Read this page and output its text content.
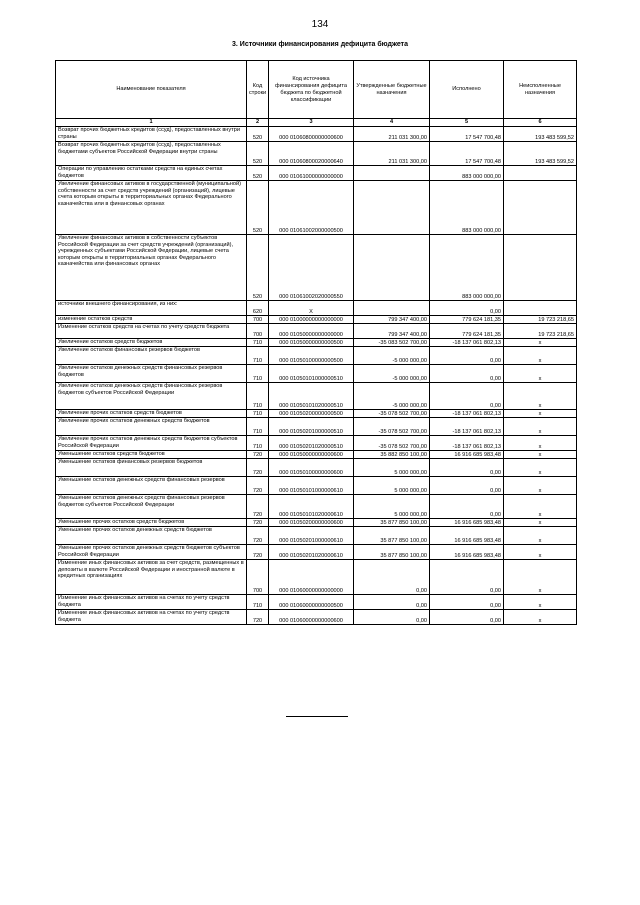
134
3. Источники финансирования дефицита бюджета
Наименование показателя	Код строки	Код источника финансирования дефицита бюджета по бюджетной классификации	Утвержденные бюджетные назначения	Исполнено	Неисполненные назначения
1	2	3	4	5	6
Возврат прочих бюджетных кредитов (ссуд), предоставленных внутри страны	520	000 01060800000000600	211 031 300,00	17 547 700,48	193 483 599,52
Возврат прочих бюджетных кредитов (ссуд), предоставленных бюджетами субъектов Российской Федерации внутри страны	520	000 01060800020000640	211 031 300,00	17 547 700,48	193 483 599,52
Операции по управлению остатками средств на единых счетах бюджетов	520	000 01061000000000000		883 000 000,00	
Увеличение финансовых активов в государственной (муниципальной) собственности за счет средств учреждений (организаций), лицевые счета которым открыты в территориальных органах Федерального казначейства или в финансовых органах	520	000 01061002000000500		883 000 000,00	
Увеличение финансовых активов в собственности субъектов Российской Федерации за счет средств учреждений (организаций), учрежденных субъектами Российской Федерации, лицевые счета которым открыты в территориальных органах Федерального казначейства или финансовых органах	520	000 01061002020000550		883 000 000,00	
источники внешнего финансирования, из них:	620	X		0,00	
изменение остатков средств	700	000 01000000000000000	799 347 400,00	779 624 181,35	19 723 218,65
Изменение остатков средств на счетах по учету средств бюджета	700	000 01050000000000000	799 347 400,00	779 624 181,35	19 723 218,65
Увеличение остатков средств бюджетов	710	000 01050000000000500	-35 083 502 700,00	-18 137 061 802,13	x
Увеличение остатков финансовых резервов бюджетов	710	000 01050100000000500	-5 000 000,00	0,00	x
Увеличение остатков денежных средств финансовых резервов бюджетов	710	000 01050101000000510	-5 000 000,00	0,00	x
Увеличение остатков денежных средств финансовых резервов бюджетов субъектов Российской Федерации	710	000 01050101020000510	-5 000 000,00	0,00	x
Увеличение прочих остатков средств бюджетов	710	000 01050200000000500	-35 078 502 700,00	-18 137 061 802,13	x
Увеличение прочих остатков денежных средств бюджетов	710	000 01050201000000510	-35 078 502 700,00	-18 137 061 802,13	x
Увеличение прочих остатков денежных средств бюджетов субъектов Российской Федерации	710	000 01050201020000510	-35 078 502 700,00	-18 137 061 802,13	x
Уменьшение остатков средств бюджетов	720	000 01050000000000600	35 882 850 100,00	16 916 685 983,48	x
Уменьшение остатков финансовых резервов бюджетов	720	000 01050100000000600	5 000 000,00	0,00	x
Уменьшение остатков денежных средств финансовых резервов	720	000 01050101000000610	5 000 000,00	0,00	x
Уменьшение остатков денежных средств финансовых резервов бюджетов субъектов Российской Федерации	720	000 01050101020000610	5 000 000,00	0,00	x
Уменьшение прочих остатков средств бюджетов	720	000 01050200000000600	35 877 850 100,00	16 916 685 983,48	x
Уменьшение прочих остатков денежных средств бюджетов	720	000 01050201000000610	35 877 850 100,00	16 916 685 983,48	x
Уменьшение прочих остатков денежных средств бюджетов субъектов Российской Федерации	720	000 01050201020000610	35 877 850 100,00	16 916 685 983,48	x
Изменение иных финансовых активов за счет средств, размещенных в депозиты в валюте Российской Федерации и иностранной валюте в кредитных организациях	700	000 01060000000000000	0,00	0,00	x
Изменение иных финансовых активов на счетах по учету средств бюджета	710	000 01060000000000500	0,00	0,00	x
Изменение иных финансовых активов на счетах по учету средств бюджета	720	000 01060000000000600	0,00	0,00	x
